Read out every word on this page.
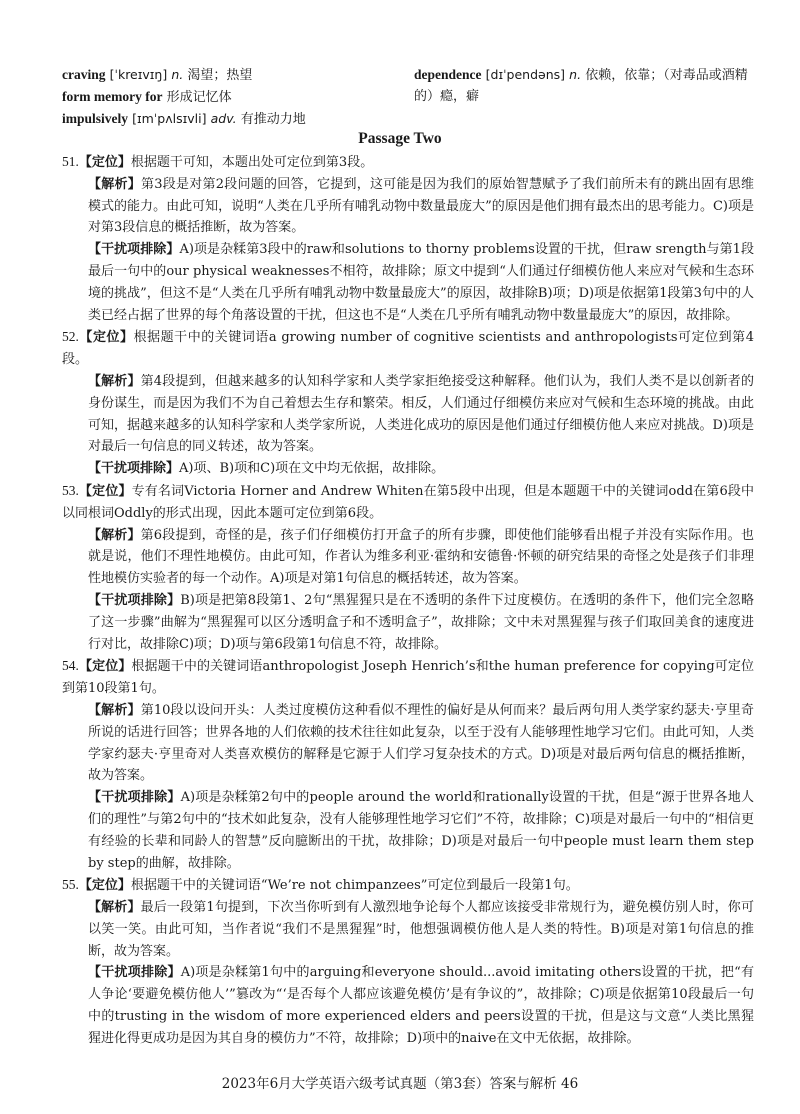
craving [ˈkreɪvɪŋ] n. 渴望；热望
form memory for 形成记忆体
impulsively [ɪmˈpʌlsɪvli] adv. 有推动力地
dependence [dɪˈpendəns] n. 依赖，依靠；（对毒品或酒精的）瘾，癖
Passage Two

51. 【 定位 】 根据题干可知，本题出处可定位到第3段。

【 解析 】 第3段是对第2段问题的回答，它提到，这可能是因为我们的原始智慧赋予了我们前所未有的跳出固有思维模式的能力。由此可知，说明“人类在几乎所有哺乳动物中数量最庞大”的原因是他们拥有最杰出的思考能力。C)项是对第3段信息的概括推断，故为答案。

【 干扰项排除 】 A)项是杂糅第3段中的raw和solutions to thorny problems设置的干扰，但raw srength与第1段最后一句中的our physical weaknesses不相符，故排除；原文中提到“人们通过仔细模仿他人来应对气候和生态环境的挑战”，但这不是“人类在几乎所有哺乳动物中数量最庞大”的原因，故排除B)项；D)项是依据第1段第3句中的人类已经占据了世界的每个角落设置的干扰，但这也不是“人类在几乎所有哺乳动物中数量最庞大”的原因，故排除。

52. 【 定位 】 根据题干中的关键词语a growing number of cognitive scientists and anthropologists可定位到第4段。

【 解析 】 第4段提到，但越来越多的认知科学家和人类学家拒绝接受这种解释。他们认为，我们人类不是以创新者的身份谋生，而是因为我们不为自己着想去生存和繁荣。相反，人们通过仔细模仿来应对气候和生态环境的挑战。由此可知，据越来越多的认知科学家和人类学家所说，人类进化成功的原因是他们通过仔细模仿他人来应对挑战。D)项是对最后一句信息的同义转述，故为答案。

【 干扰项排除 】 A)项、B)项和C)项在文中均无依据，故排除。

53. 【 定位 】 专有名词Victoria Horner and Andrew Whiten在第5段中出现，但是本题题干中的关键词odd在第6段中以同根词Oddly的形式出现，因此本题可定位到第6段。

【 解析 】 第6段提到，奇怪的是，孩子们仔细模仿打开盒子的所有步骤，即使他们能够看出棍子并没有实际作用。也就是说，他们不理性地模仿。由此可知，作者认为维多利亚·霍纳和安德鲁·怀顿的研究结果的奇怪之处是孩子们非理性地模仿实验者的每一个动作。A)项是对第1句信息的概括转述，故为答案。

【 干扰项排除 】 B)项是把第8段第1、2句“黑猩猩只是在不透明的条件下过度模仿。在透明的条件下，他们完全忽略了这一步骤”曲解为“黑猩猩可以区分透明盒子和不透明盒子”，故排除；文中未对黑猩猩与孩子们取回美食的速度进行对比，故排除C)项；D)项与第6段第1句信息不符，故排除。

54. 【 定位 】 根据题干中的关键词语anthropologist Joseph Henrich’s和the human preference for copying可定位到第10段第1句。

【 解析 】 第10段以设问开头：人类过度模仿这种看似不理性的偏好是从何而来？最后两句用人类学家约瑟夫·亨里奇所说的话进行回答；世界各地的人们依赖的技术往往如此复杂，以至于没有人能够理性地学习它们。由此可知，人类学家约瑟夫·亨里奇对人类喜欢模仿的解释是它源于人们学习复杂技术的方式。D)项是对最后两句信息的概括推断，故为答案。

【 干扰项排除 】 A)项是杂糅第2句中的people around the world和rationally设置的干扰，但是“源于世界各地人们的理性”与第2句中的“技术如此复杂，没有人能够理性地学习它们”不符，故排除；C)项是对最后一句中的“相信更有经验的长辈和同龄人的智慧”反向臆断出的干扰，故排除；D)项是对最后一句中people must learn them step by step的曲解，故排除。

55. 【 定位 】 根据题干中的关键词语“We’re not chimpanzees”可定位到最后一段第1句。

【 解析 】 最后一段第1句提到，下次当你听到有人激烈地争论每个人都应该接受非常规行为，避免模仿别人时，你可以笑一笑。由此可知，当作者说“我们不是黑猩猩”时，他想强调模仿他人是人类的特性。B)项是对第1句信息的推断，故为答案。

【 干扰项排除 】 A)项是杂糅第1句中的arguing和everyone should...avoid imitating others设置的干扰，把“有人争论‘要避免模仿他人’”篡改为“‘是否每个人都应该避免模仿’是有争议的”，故排除；C)项是依据第10段最后一句中的trusting in the wisdom of more experienced elders and peers设置的干扰，但是这与文意“人类比黑猩猩进化得更成功是因为其自身的模仿力”不符，故排除；D)项中的naive在文中无依据，故排除。

2023年6月大学英语六级考试真题（第3套）答案与解析 46
